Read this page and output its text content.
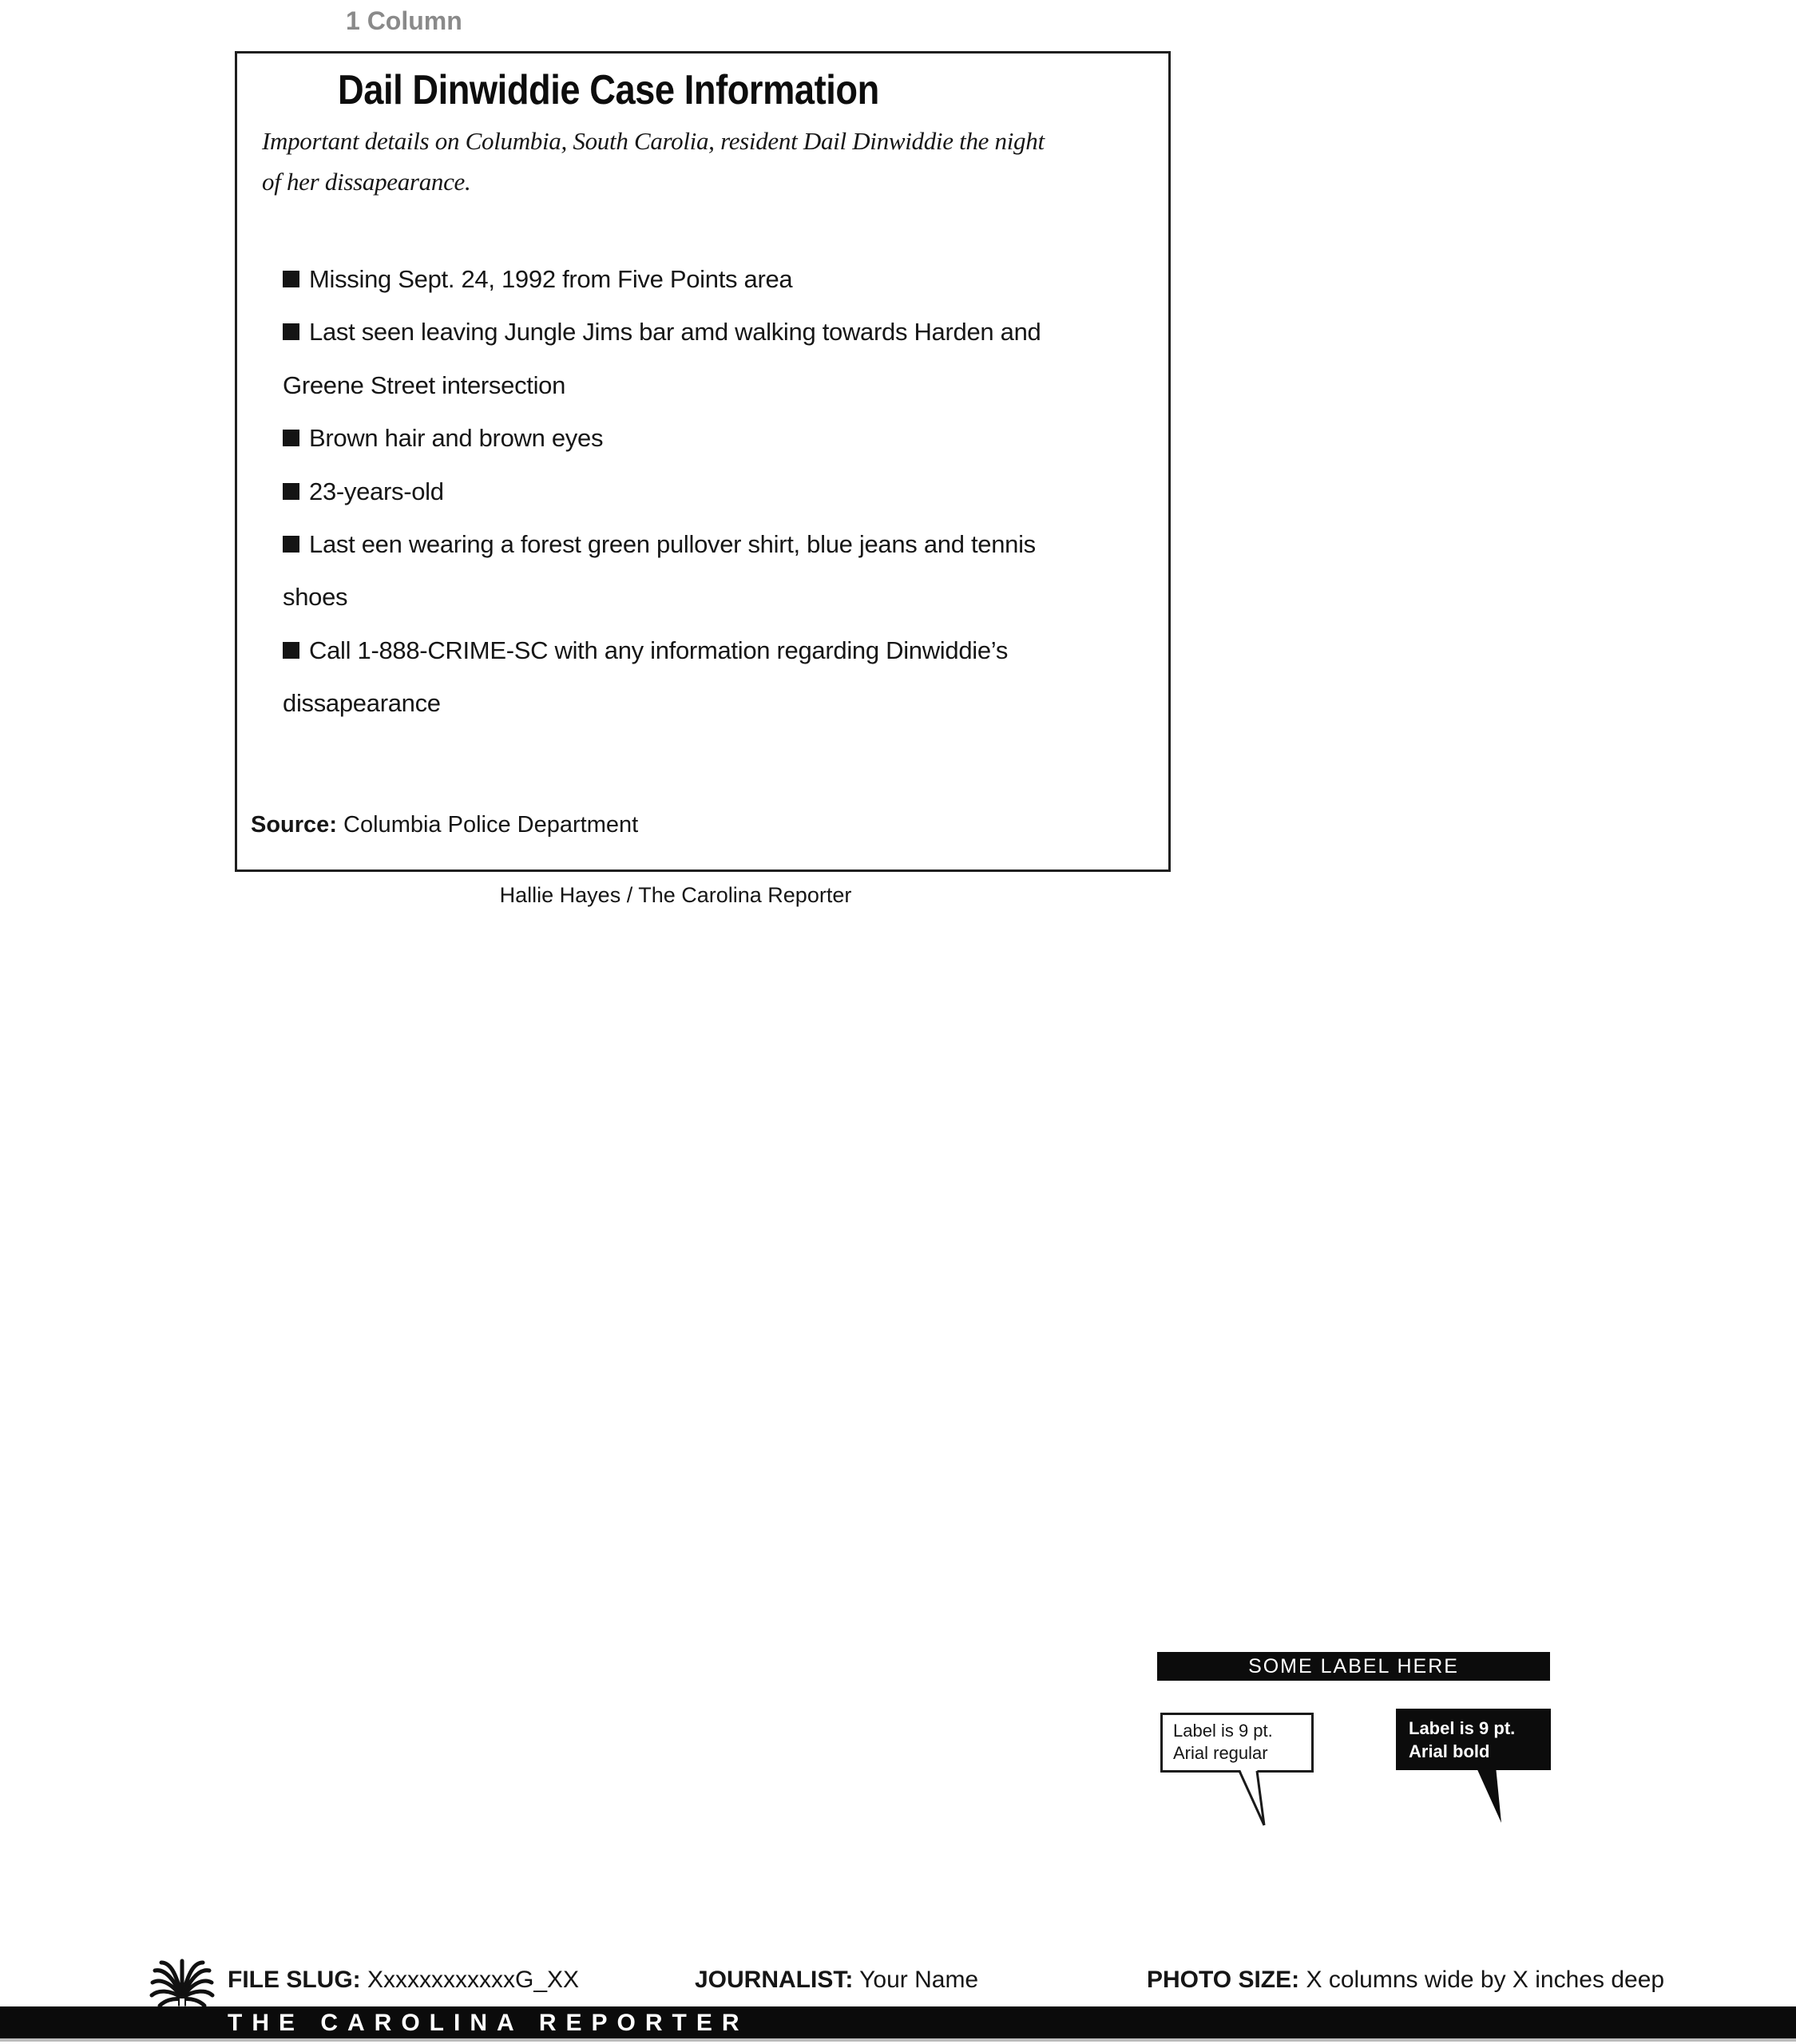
1 Column
Dail Dinwiddie Case Information
Important details on Columbia, South Carolia, resident Dail Dinwiddie the night
of her dissapearance.
Missing Sept. 24, 1992 from Five Points area
Last seen leaving Jungle Jims bar amd walking towards Harden and
Greene Street intersection
Brown hair and brown eyes
23-years-old
Last een wearing a forest green pullover shirt, blue jeans and tennis
shoes
Call 1-888-CRIME-SC with any information regarding Dinwiddie’s
dissapearance
Source: Columbia Police Department
Hallie Hayes / The Carolina Reporter
SOME LABEL HERE
Label is 9 pt.
Arial regular
Label is 9 pt.
Arial bold
FILE SLUG: XxxxxxxxxxxxG_XX	JOURNALIST: Your Name	PHOTO SIZE: X columns wide by X inches deep
THE CAROLINA REPORTER
